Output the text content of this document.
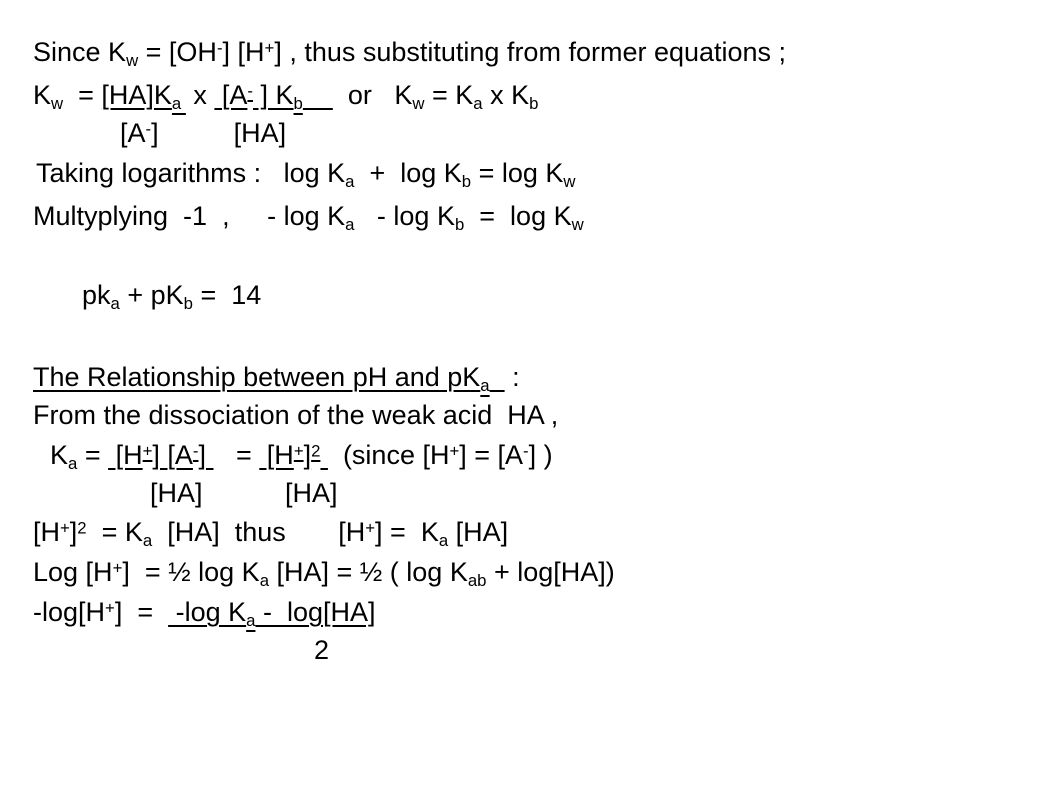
Since $K_w = [OH^-]$ [H+] , thus substituting from former equations ;
$K_w = [HA]K_a$  x  [A- ] $K_b$      or   $K_w = K_a$ x $K_b$
[A-]          [HA]
Taking logarithms :   $\log K_a + \log K_b = \log K_w$
Multyplying  -1  ,     - $\log K_a - \log K_b = \log K_w$
$pk_a + pK_b = 14$
The Relationship between pH and $pK_a$   :
From the dissociation of the weak acid  HA ,
$K_a = [H^+]$ [A-]    =  $[H^+]^2$   (since [H+] = [A-] )
[HA]           [HA]
$[H^+]^2 = K_a$  [HA]  thus       $[H^+] = K_a$ [HA]
Log [H+]  = ½ $\log K_a$ [HA] = ½ ( $\log K_{ab} + \log[HA]$)
-log[H+]  =   -log $K_a - \log[HA]$
2
